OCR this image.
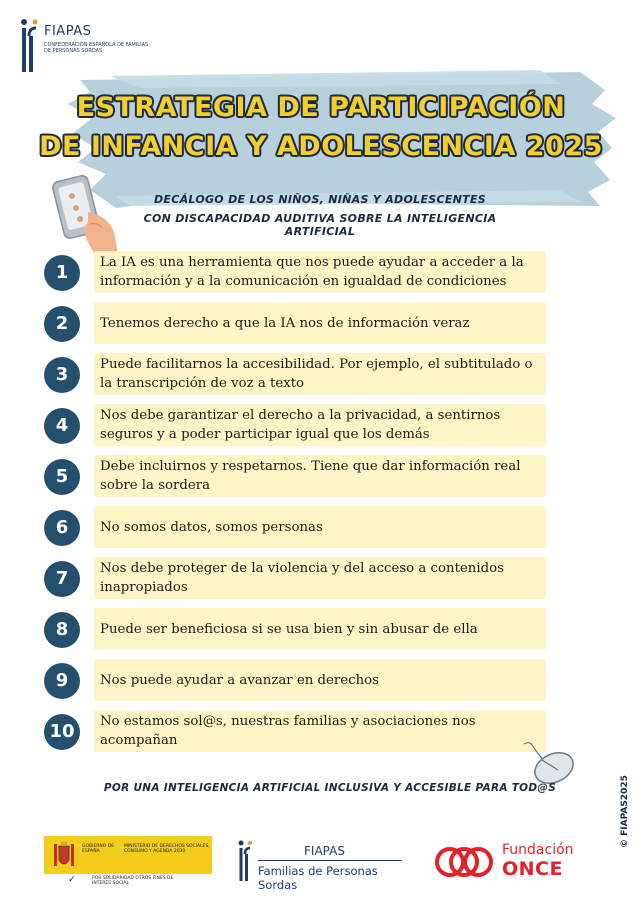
FIAPAS
CONFEDERACIÓN ESPAÑOLA DE FAMILIAS DE PERSONAS SORDAS
ESTRATEGIA DE PARTICIPACIÓN
DE INFANCIA Y ADOLESCENCIA 2025
DECÁLOGO DE LOS NIÑOS, NIÑAS Y ADOLESCENTES
CON DISCAPACIDAD AUDITIVA SOBRE LA INTELIGENCIA ARTIFICIAL
1	La IA es una herramienta que nos puede ayudar a acceder a la información y a la comunicación en igualdad de condiciones
2	Tenemos derecho a que la IA nos de información veraz
3	Puede facilitarnos la accesibilidad. Por ejemplo, el subtitulado o la transcripción de voz a texto
4	Nos debe garantizar el derecho a la privacidad, a sentirnos seguros y a poder participar igual que los demás
5	Debe incluirnos y respetarnos. Tiene que dar información real sobre la sordera
6	No somos datos, somos personas
7	Nos debe proteger de la violencia y del acceso a contenidos inapropiados
8	Puede ser beneficiosa si se usa bien y sin abusar de ella
9	Nos puede ayudar a avanzar en derechos
10	No estamos sol@s, nuestras familias y asociaciones nos acompañan
POR UNA INTELIGENCIA ARTIFICIAL INCLUSIVA Y ACCESIBLE PARA TOD@S	© FIAPAS2025
GOBIERNO DE ESPAÑA
MINISTERIO DE DERECHOS SOCIALES, CONSUMO Y AGENDA 2030
✓	POR SOLIDARIDAD OTROS FINES DE INTERÉS SOCIAL
FIAPAS
Familias de Personas Sordas
Fundación
ONCE
